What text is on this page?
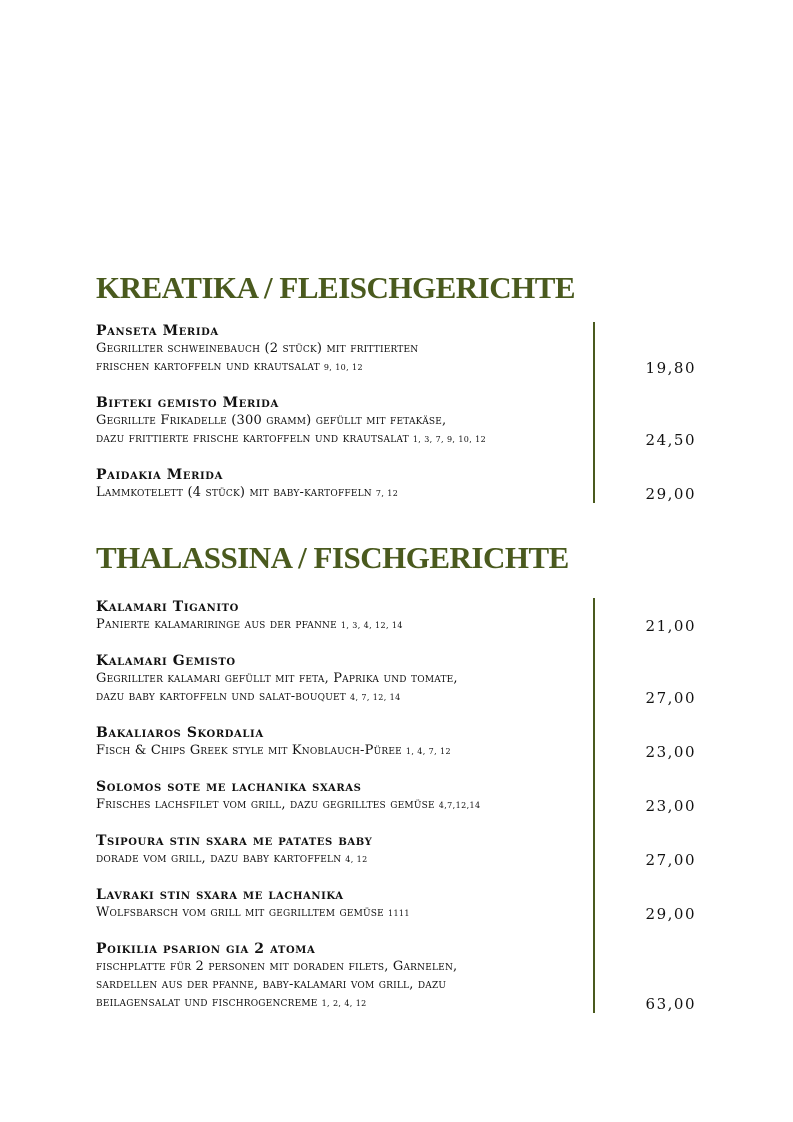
KREATIKA / FLEISCHGERICHTE
Panseta Merida
Gegrillter schweinebauch (2 stück) mit frittierten
frischen kartoffeln und krautsalat 9, 10, 12	19,80
Bifteki gemisto Merida
Gegrillte Frikadelle (300 gramm) gefüllt mit fetakäse,
dazu frittierte frische kartoffeln und krautsalat 1, 3, 7, 9, 10, 12	24,50
Paidakia Merida
Lammkotelett (4 stück) mit baby-kartoffeln 7, 12	29,00
THALASSINA / FISCHGERICHTE
Kalamari Tiganito
Panierte kalamariringe aus der pfanne 1, 3, 4, 12, 14	21,00
Kalamari Gemisto
Gegrillter kalamari gefüllt mit feta, Paprika und tomate,
dazu baby kartoffeln und salat-bouquet 4, 7, 12, 14	27,00
Bakaliaros Skordalia
Fisch & Chips Greek style mit Knoblauch-Püree 1, 4, 7, 12	23,00
Solomos sote me lachanika sxaras
Frisches lachsfilet vom grill, dazu gegrilltes gemüse 4,7,12,14	23,00
Tsipoura stin sxara me patates baby
dorade vom grill, dazu baby kartoffeln 4, 12	27,00
Lavraki stin sxara me lachanika
Wolfsbarsch vom grill mit gegrilltem gemüse 1111	29,00
Poikilia psarion gia 2 atoma
fischplatte für 2 personen mit doraden filets, Garnelen,
sardellen aus der pfanne, baby-kalamari vom grill, dazu
beilagensalat und fischrogencreme 1, 2, 4, 12	63,00
